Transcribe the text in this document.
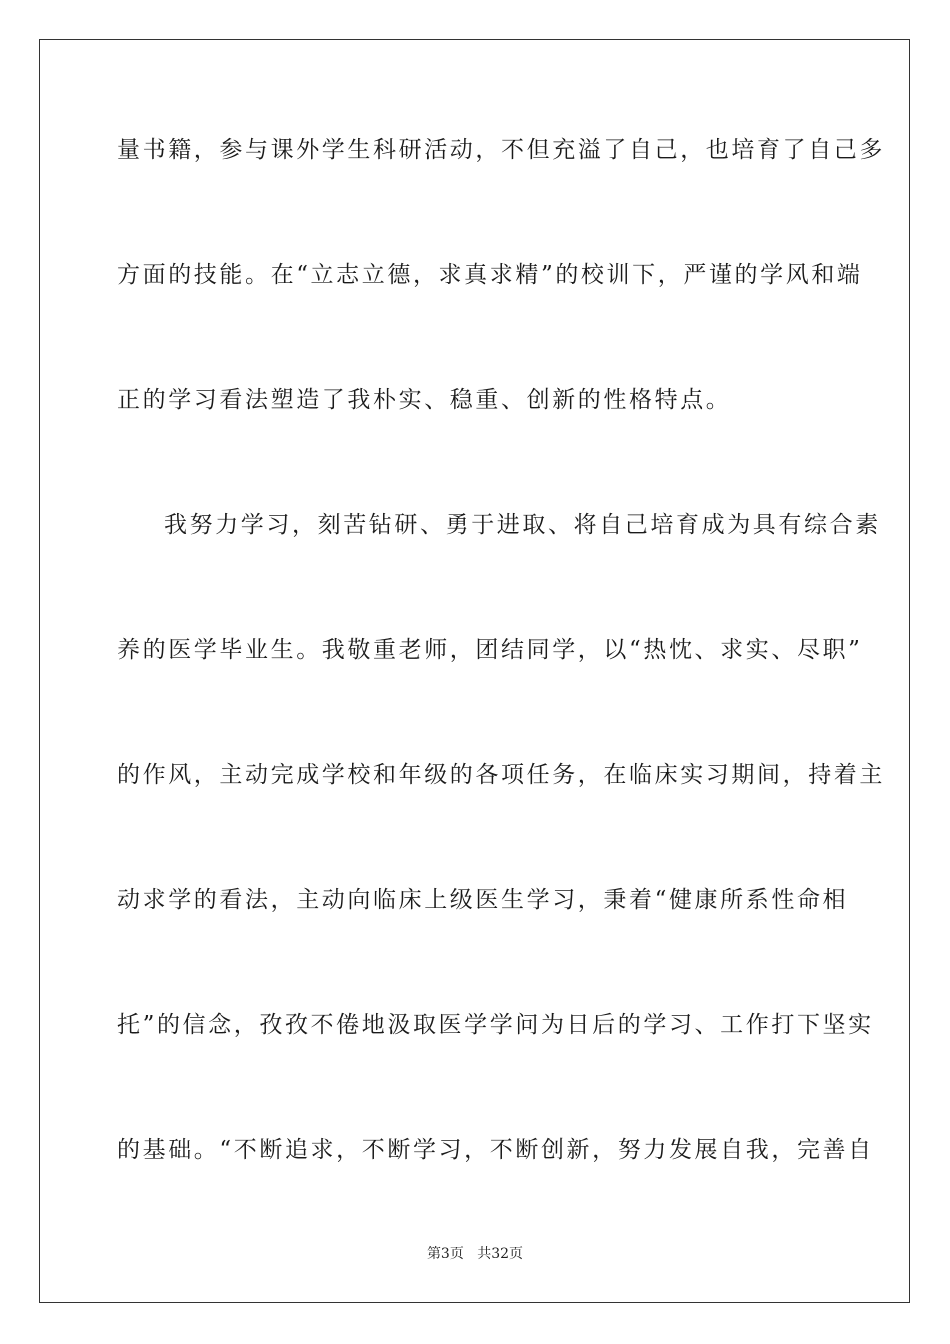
量书籍，参与课外学生科研活动，不但充溢了自己，也培育了自己多
方面的技能。在“立志立德，求真求精”的校训下，严谨的学风和端
正的学习看法塑造了我朴实、稳重、创新的性格特点。
我努力学习，刻苦钻研、勇于进取、将自己培育成为具有综合素
养的医学毕业生。我敬重老师，团结同学，以“热忱、求实、尽职”
的作风，主动完成学校和年级的各项任务，在临床实习期间，持着主
动求学的看法，主动向临床上级医生学习，秉着“健康所系性命相
托”的信念，孜孜不倦地汲取医学学问为日后的学习、工作打下坚实
的基础。“不断追求，不断学习，不断创新，努力发展自我，完善自
第3页 共32页
